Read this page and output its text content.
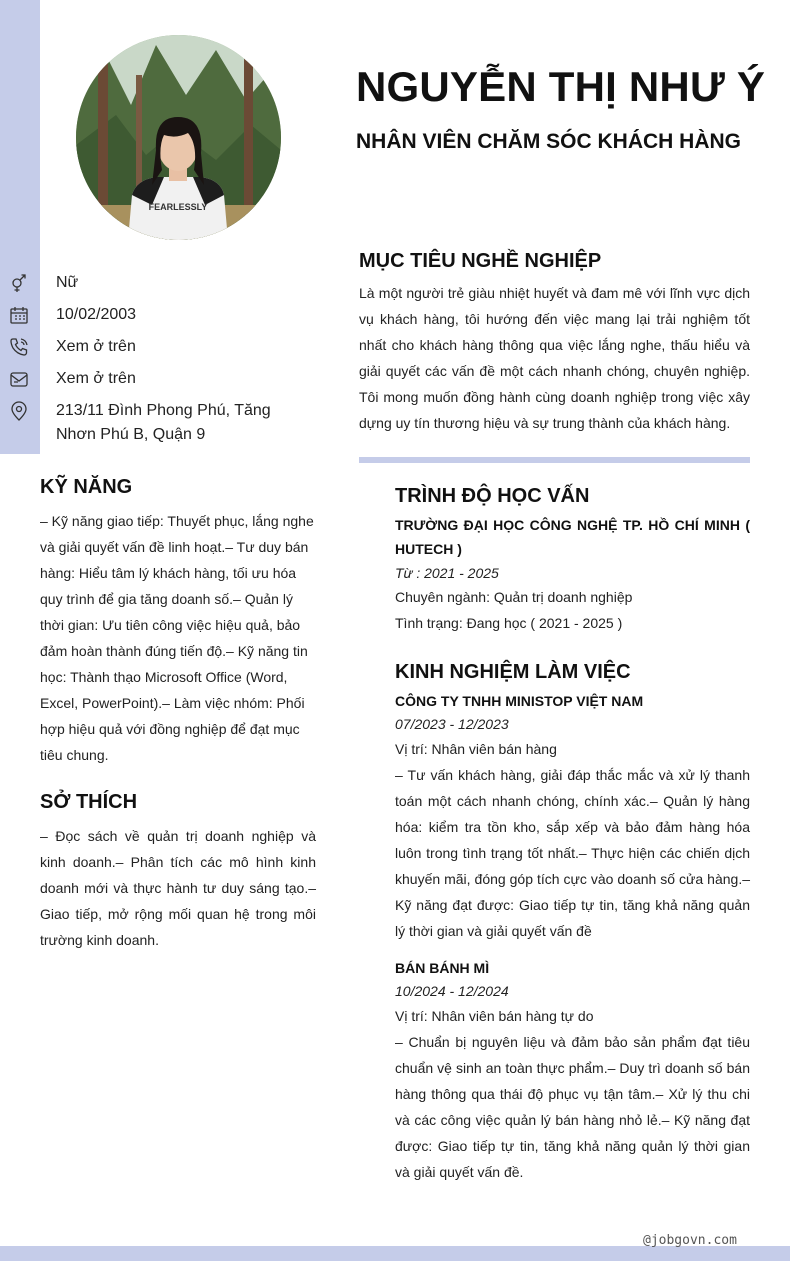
FEARLESSLY
NGUYỄN THỊ NHƯ Ý
NHÂN VIÊN CHĂM SÓC KHÁCH HÀNG
Nữ
10/02/2003
Xem ở trên
Xem ở trên
213/11 Đình Phong Phú, Tăng Nhơn Phú B, Quận 9
KỸ NĂNG
– Kỹ năng giao tiếp: Thuyết phục, lắng nghe và giải quyết vấn đề linh hoạt.– Tư duy bán hàng: Hiểu tâm lý khách hàng, tối ưu hóa quy trình để gia tăng doanh số.– Quản lý thời gian: Ưu tiên công việc hiệu quả, bảo đảm hoàn thành đúng tiến độ.– Kỹ năng tin học: Thành thạo Microsoft Office (Word, Excel, PowerPoint).– Làm việc nhóm: Phối hợp hiệu quả với đồng nghiệp để đạt mục tiêu chung.
SỞ THÍCH
– Đọc sách về quản trị doanh nghiệp và kinh doanh.– Phân tích các mô hình kinh doanh mới và thực hành tư duy sáng tạo.– Giao tiếp, mở rộng mối quan hệ trong môi trường kinh doanh.
MỤC TIÊU NGHỀ NGHIỆP
Là một người trẻ giàu nhiệt huyết và đam mê với lĩnh vực dịch vụ khách hàng, tôi hướng đến việc mang lại trải nghiệm tốt nhất cho khách hàng thông qua việc lắng nghe, thấu hiểu và giải quyết các vấn đề một cách nhanh chóng, chuyên nghiệp. Tôi mong muốn đồng hành cùng doanh nghiệp trong việc xây dựng uy tín thương hiệu và sự trung thành của khách hàng.
TRÌNH ĐỘ HỌC VẤN
TRƯỜNG ĐẠI HỌC CÔNG NGHỆ TP. HỒ CHÍ MINH ( HUTECH )
Từ : 2021 - 2025
Chuyên ngành: Quản trị doanh nghiệp
Tình trạng: Đang học ( 2021 - 2025 )
KINH NGHIỆM LÀM VIỆC
CÔNG TY TNHH MINISTOP VIỆT NAM
07/2023 - 12/2023
Vị trí: Nhân viên bán hàng
– Tư vấn khách hàng, giải đáp thắc mắc và xử lý thanh toán một cách nhanh chóng, chính xác.– Quản lý hàng hóa: kiểm tra tồn kho, sắp xếp và bảo đảm hàng hóa luôn trong tình trạng tốt nhất.– Thực hiện các chiến dịch khuyến mãi, đóng góp tích cực vào doanh số cửa hàng.– Kỹ năng đạt được: Giao tiếp tự tin, tăng khả năng quản lý thời gian và giải quyết vấn đề
BÁN BÁNH MÌ
10/2024 - 12/2024
Vị trí: Nhân viên bán hàng tự do
– Chuẩn bị nguyên liệu và đảm bảo sản phẩm đạt tiêu chuẩn vệ sinh an toàn thực phẩm.– Duy trì doanh số bán hàng thông qua thái độ phục vụ tận tâm.– Xử lý thu chi và các công việc quản lý bán hàng nhỏ lẻ.– Kỹ năng đạt được: Giao tiếp tự tin, tăng khả năng quản lý thời gian và giải quyết vấn đề.
@jobgovn.com
